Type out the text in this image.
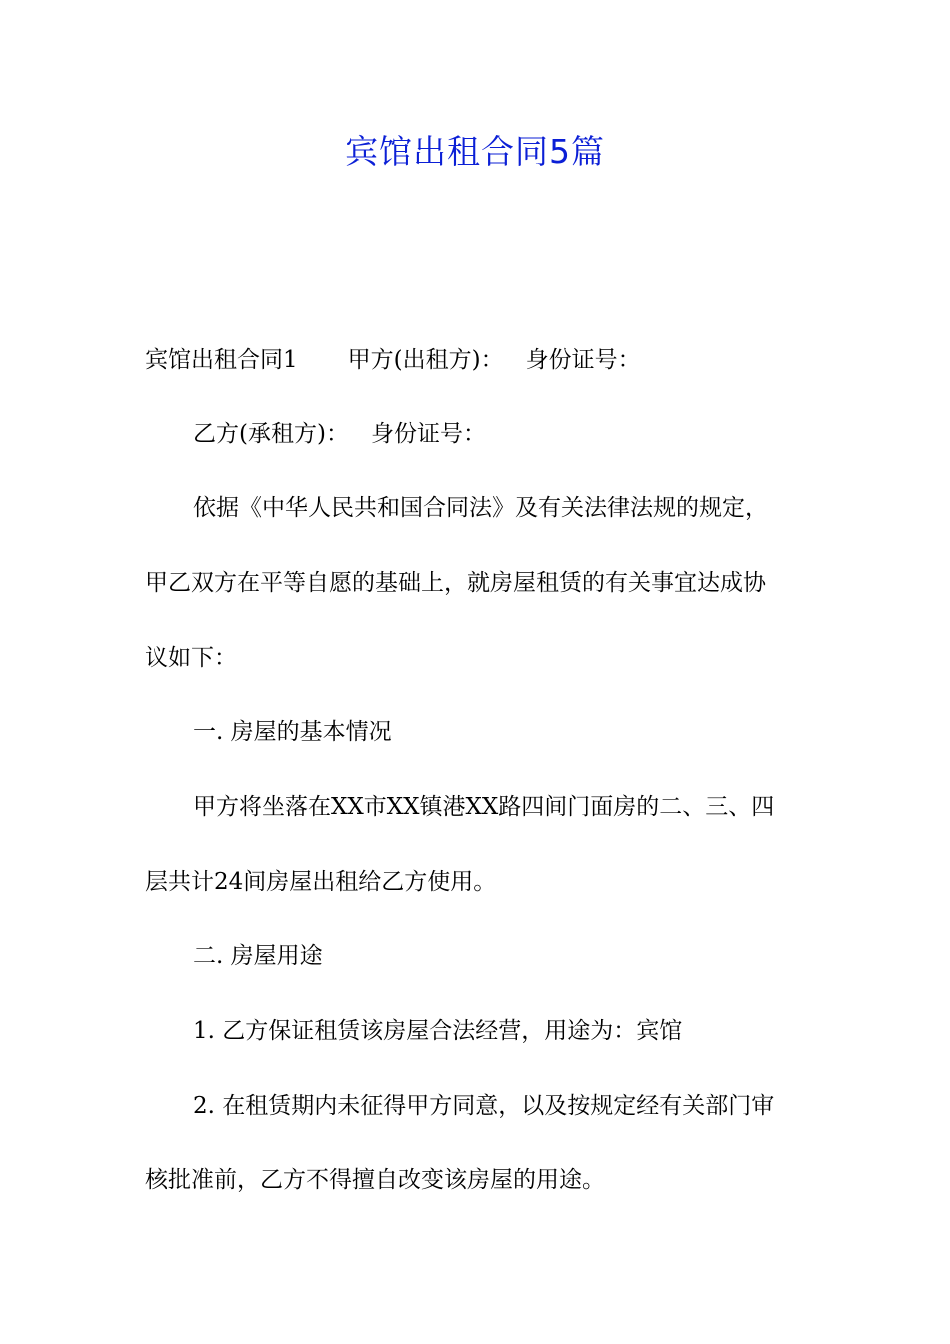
宾馆出租合同5篇
宾馆出租合同1 甲方(出租方)： 身份证号：
乙方(承租方)： 身份证号：
依据《中华人民共和国合同法》及有关法律法规的规定，
甲乙双方在平等自愿的基础上，就房屋租赁的有关事宜达成协
议如下：
一. 房屋的基本情况
甲方将坐落在XX市XX镇港XX路四间门面房的二、三、四
层共计24间房屋出租给乙方使用。
二. 房屋用途
1. 乙方保证租赁该房屋合法经营，用途为：宾馆
2. 在租赁期内未征得甲方同意，以及按规定经有关部门审
核批准前，乙方不得擅自改变该房屋的用途。
